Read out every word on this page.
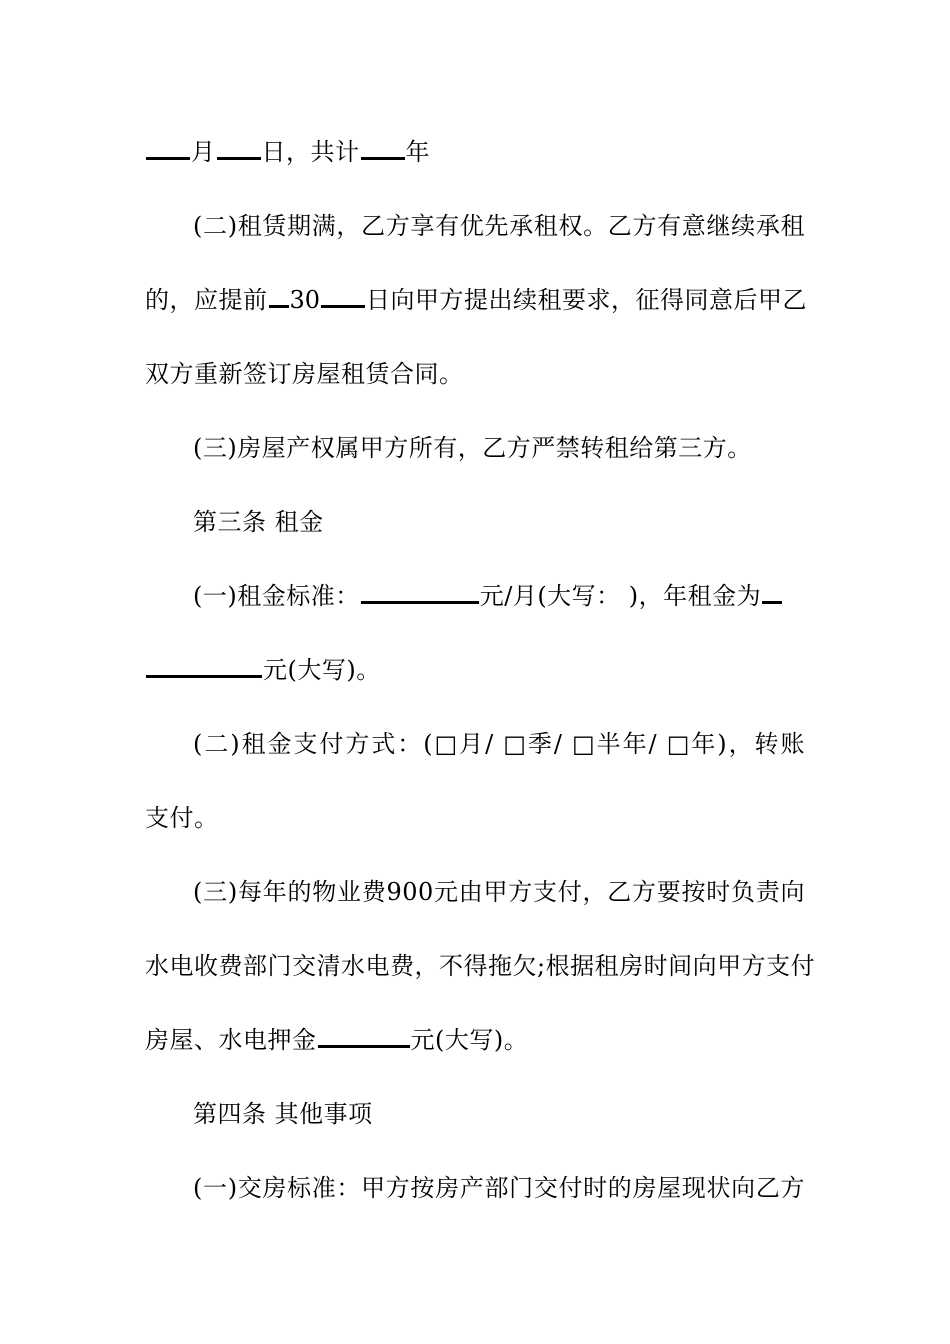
月 日，共计 年
(二)租赁期满，乙方享有优先承租权。乙方有意继续承租
的，应提前 30 日向甲方提出续租要求，征得同意后甲乙
双方重新签订房屋租赁合同。
(三)房屋产权属甲方所有，乙方严禁转租给第三方。
第三条 租金
(一)租金标准：	元/月(大写： )，年租金为
元(大写)。
(二)租金支付方式：(□月/ □季/ □半年/ □年)，转账
支付。
(三)每年的物业费900元由甲方支付，乙方要按时负责向
水电收费部门交清水电费，不得拖欠;根据租房时间向甲方支付
房屋、水电押金	元(大写)。
第四条 其他事项
(一)交房标准：甲方按房产部门交付时的房屋现状向乙方
